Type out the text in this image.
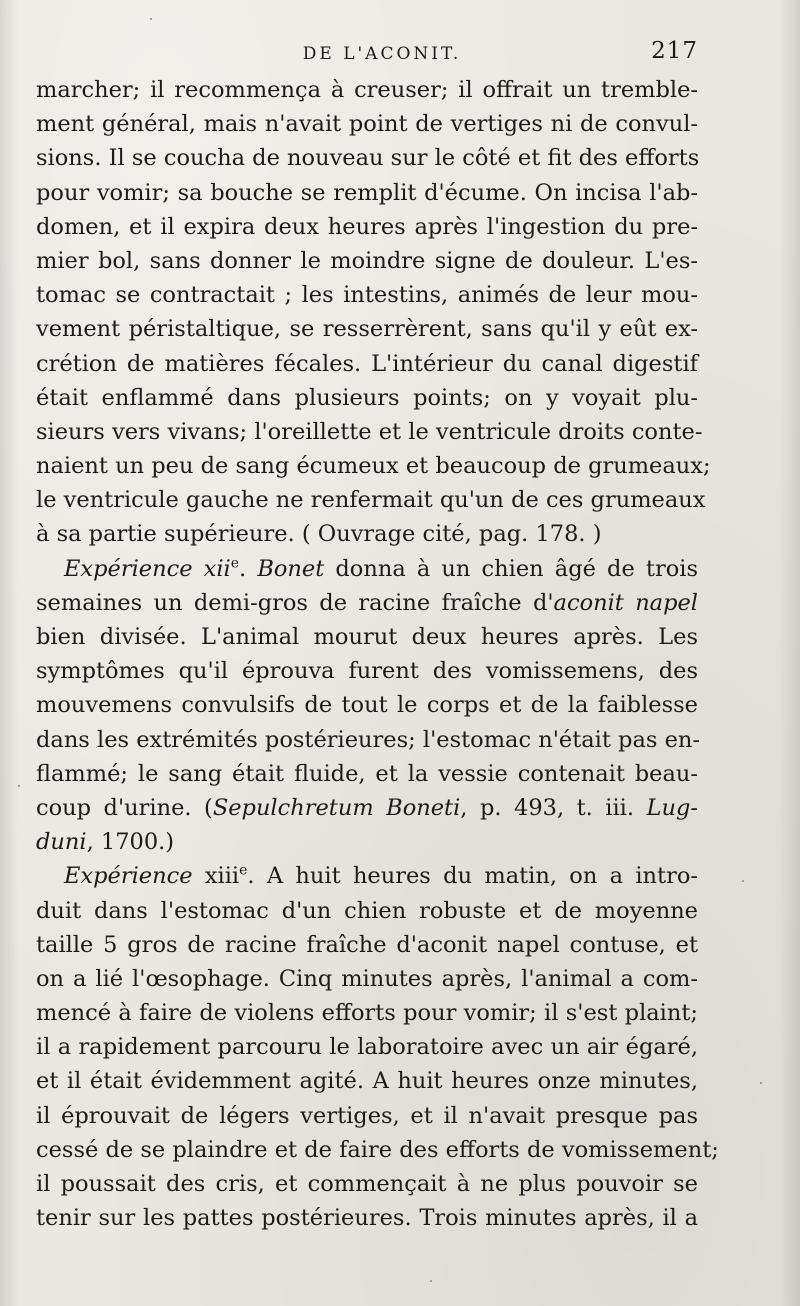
DE L'ACONIT.	217
marcher; il recommença à creuser; il offrait un tremble-
ment général, mais n'avait point de vertiges ni de convul-
sions. Il se coucha de nouveau sur le côté et fit des efforts
pour vomir; sa bouche se remplit d'écume. On incisa l'ab-
domen, et il expira deux heures après l'ingestion du pre-
mier bol, sans donner le moindre signe de douleur. L'es-
tomac se contractait ; les intestins, animés de leur mou-
vement péristaltique, se resserrèrent, sans qu'il y eût ex-
crétion de matières fécales. L'intérieur du canal digestif
était enflammé dans plusieurs points; on y voyait plu-
sieurs vers vivans; l'oreillette et le ventricule droits conte-
naient un peu de sang écumeux et beaucoup de grumeaux;
le ventricule gauche ne renfermait qu'un de ces grumeaux
à sa partie supérieure. ( Ouvrage cité, pag. 178. )
Expérience xii$^e$. Bonet donna à un chien âgé de trois
semaines un demi-gros de racine fraîche d'aconit napel
bien divisée. L'animal mourut deux heures après. Les
symptômes qu'il éprouva furent des vomissemens, des
mouvemens convulsifs de tout le corps et de la faiblesse
dans les extrémités postérieures; l'estomac n'était pas en-
flammé; le sang était fluide, et la vessie contenait beau-
coup d'urine. (Sepulchretum Boneti, p. 493, t. iii. Lug-
duni, 1700.)
Expérience xiii$^e$. A huit heures du matin, on a intro-
duit dans l'estomac d'un chien robuste et de moyenne
taille 5 gros de racine fraîche d'aconit napel contuse, et
on a lié l'œsophage. Cinq minutes après, l'animal a com-
mencé à faire de violens efforts pour vomir; il s'est plaint;
il a rapidement parcouru le laboratoire avec un air égaré,
et il était évidemment agité. A huit heures onze minutes,
il éprouvait de légers vertiges, et il n'avait presque pas
cessé de se plaindre et de faire des efforts de vomissement;
il poussait des cris, et commençait à ne plus pouvoir se
tenir sur les pattes postérieures. Trois minutes après, il a
